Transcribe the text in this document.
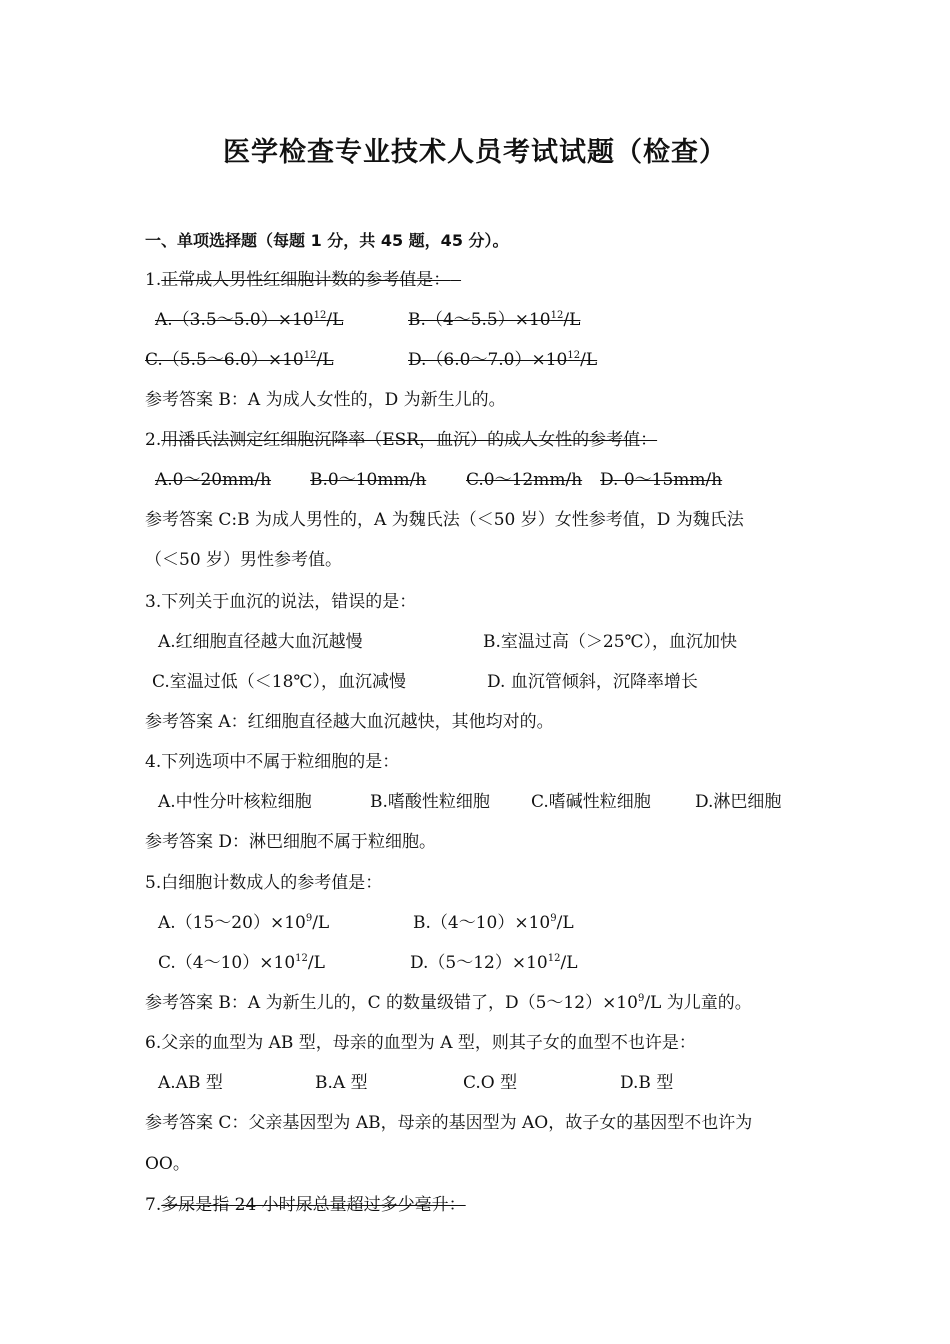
医学检查专业技术人员考试试题（检查）
一、单项选择题（每题 1 分，共 45 题，45 分）。
1.正常成人男性红细胞计数的参考值是：
$A.(3.5\sim 5.0)\times 10^{12}/L$	$B.(4\sim 5.5)\times 10^{12}/L$
$C.(5.5\sim 6.0)\times 10^{12}/L$	$D.(6.0\sim 7.0)\times 10^{12}/L$
参考答案 B：A 为成人女性的，D 为新生儿的。
2.用潘氏法测定红细胞沉降率（ESR，血沉）的成人女性的参考值：
A.0～20mm/h B.0～10mm/h C.0～12mm/h D. 0～15mm/h
参考答案 C:B 为成人男性的，A 为魏氏法（＜50 岁）女性参考值，D 为魏氏法
（＜50 岁）男性参考值。
3.下列关于血沉的说法，错误的是：
A.红细胞直径越大血沉越慢	B.室温过高（＞25℃），血沉加快
C.室温过低（＜18℃），血沉减慢	D. 血沉管倾斜，沉降率增长
参考答案 A：红细胞直径越大血沉越快，其他均对的。
4.下列选项中不属于粒细胞的是：
A.中性分叶核粒细胞	B.嗜酸性粒细胞 C.嗜碱性粒细胞	D.淋巴细胞
参考答案 D：淋巴细胞不属于粒细胞。
5.白细胞计数成人的参考值是：
$A.(15\sim 20)\times 10^9/L$	$B.(4\sim 10)\times 10^9/L$
$C.(4\sim 10)\times 10^{12}/L$	$D.(5\sim 12)\times 10^{12}/L$
参考答案 B：A 为新生儿的，C 的数量级错了，$D(5\sim 12)\times 10^9/L$ 为儿童的。
6.父亲的血型为 AB 型，母亲的血型为 A 型，则其子女的血型不也许是：
A.AB 型	B.A 型	C.O 型	D.B 型
参考答案 C：父亲基因型为 AB，母亲的基因型为 AO，故子女的基因型不也许为
OO。
7.多尿是指 24 小时尿总量超过多少毫升：
